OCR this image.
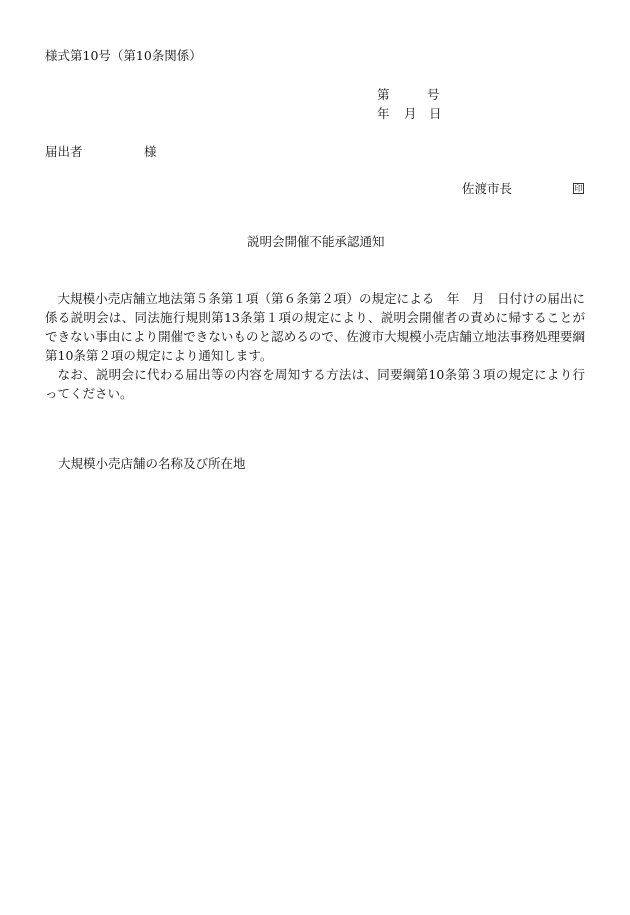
様式第10号（第10条関係）
第	号
年 月 日
届出者	様
佐渡市長	印
説明会開催不能承認通知

大規模小売店舗立地法第５条第１項（第６条第２項）の規定による　年　月　日付けの届出に係る説明会は、同法施行規則第13条第１項の規定により、説明会開催者の責めに帰することができない事由により開催できないものと認めるので、佐渡市大規模小売店舗立地法事務処理要綱第10条第２項の規定により通知します。

なお、説明会に代わる届出等の内容を周知する方法は、同要綱第10条第３項の規定により行ってください。

大規模小売店舗の名称及び所在地
